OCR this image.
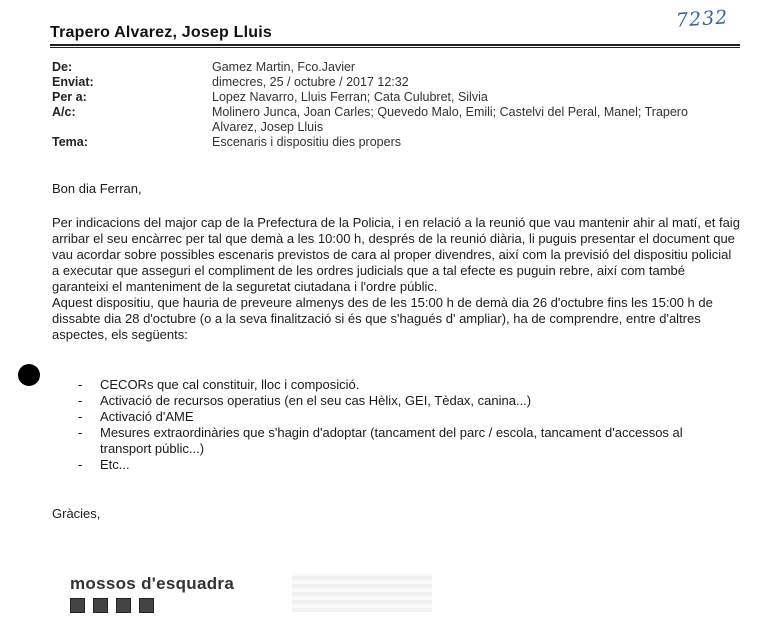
Trapero Alvarez, Josep Lluis
7232
De:	Gamez Martin, Fco.Javier
Enviat:	dimecres, 25 / octubre / 2017 12:32
Per a:	Lopez Navarro, Lluis Ferran; Cata Culubret, Silvia
A/c:	Molinero Junca, Joan Carles; Quevedo Malo, Emili; Castelvi del Peral, Manel; Trapero Alvarez, Josep Lluis
Tema:	Escenaris i dispositiu dies propers
Bon dia Ferran,

Per indicacions del major cap de la Prefectura de la Policia, i en relació a la reunió que vau mantenir ahir al matí, et faig arribar el seu encàrrec per tal que demà a les 10:00 h, després de la reunió diària, li puguis presentar el document que vau acordar sobre possibles escenaris previstos de cara al proper divendres, així com la previsió del dispositiu policial a executar que asseguri el compliment de les ordres judicials que a tal efecte es puguin rebre, així com també garanteixi el manteniment de la seguretat ciutadana i l'ordre públic.

Aquest dispositiu, que hauria de preveure almenys des de les 15:00 h de demà dia 26 d'octubre fins les 15:00 h de dissabte dia 28 d'octubre (o a la seva finalització si és que s'hagués d' ampliar), ha de comprendre, entre d'altres aspectes, els següents:

-	CECORs que cal constituir, lloc i composició.
-	Activació de recursos operatius (en el seu cas Hèlix, GEI, Tèdax, canina...)
-	Activació d'AME
-	Mesures extraordinàries que s'hagin d'adoptar (tancament del parc / escola, tancament d'accessos al transport públic...)
-	Etc...
Gràcies,
mossos d'esquadra
